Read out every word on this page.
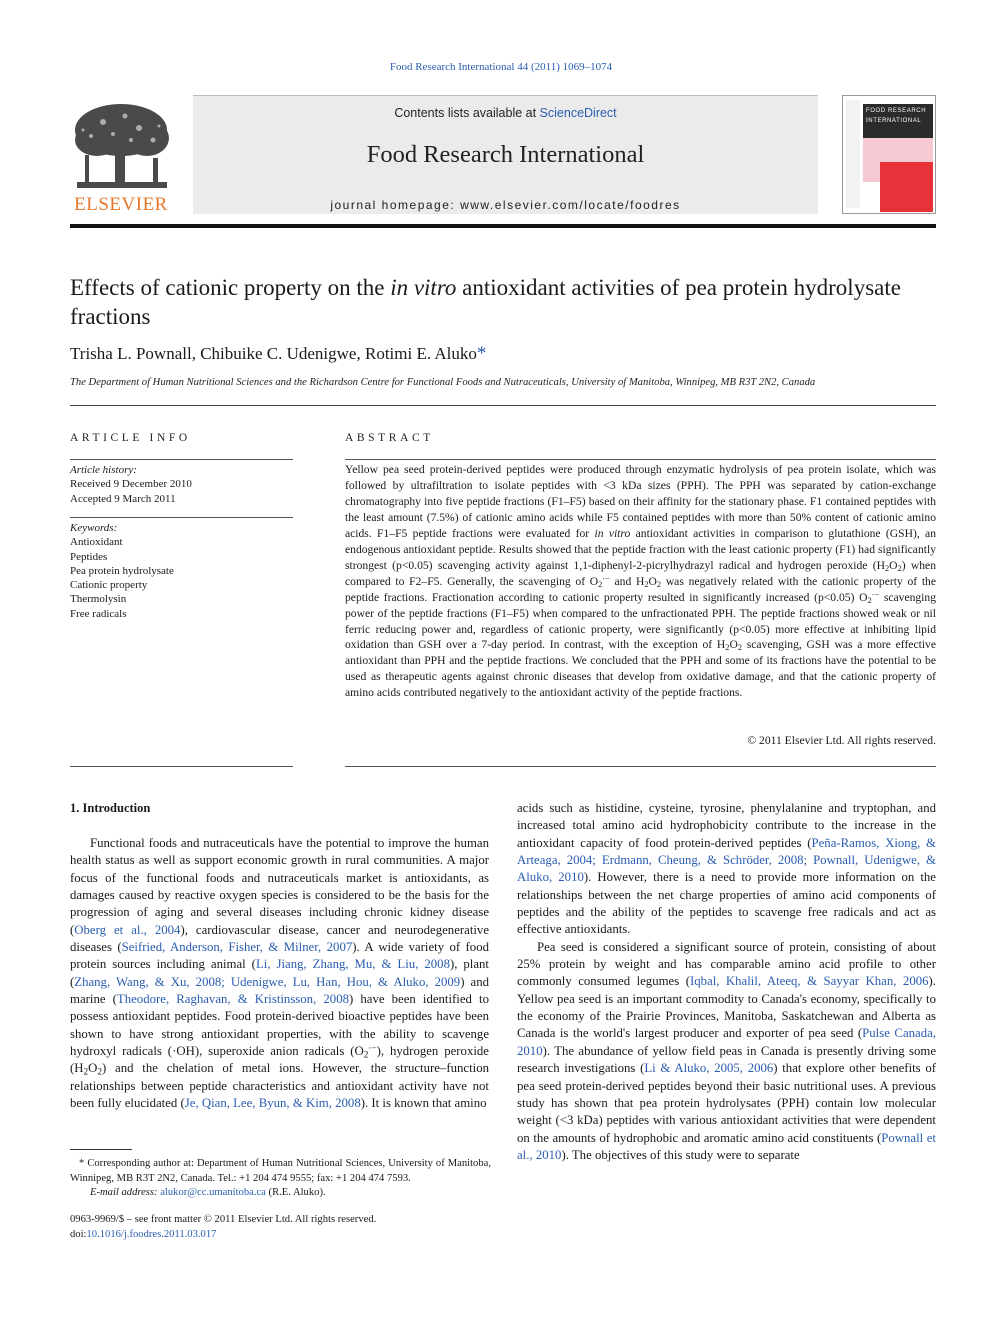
Food Research International 44 (2011) 1069–1074
Contents lists available at ScienceDirect
Food Research International
journal homepage: www.elsevier.com/locate/foodres
ELSEVIER
FOOD RESEARCH
INTERNATIONAL
Effects of cationic property on the in vitro antioxidant activities of pea protein hydrolysate fractions
Trisha L. Pownall, Chibuike C. Udenigwe, Rotimi E. Aluko*
The Department of Human Nutritional Sciences and the Richardson Centre for Functional Foods and Nutraceuticals, University of Manitoba, Winnipeg, MB R3T 2N2, Canada
ARTICLE INFO
Article history:
Received 9 December 2010
Accepted 9 March 2011
Keywords:
Antioxidant
Peptides
Pea protein hydrolysate
Cationic property
Thermolysin
Free radicals
ABSTRACT
Yellow pea seed protein-derived peptides were produced through enzymatic hydrolysis of pea protein isolate, which was followed by ultrafiltration to isolate peptides with <3 kDa sizes (PPH). The PPH was separated by cation-exchange chromatography into five peptide fractions (F1–F5) based on their affinity for the stationary phase. F1 contained peptides with the least amount (7.5%) of cationic amino acids while F5 contained peptides with more than 50% content of cationic amino acids. F1–F5 peptide fractions were evaluated for in vitro antioxidant activities in comparison to glutathione (GSH), an endogenous antioxidant peptide. Results showed that the peptide fraction with the least cationic property (F1) had significantly strongest (p<0.05) scavenging activity against 1,1-diphenyl-2-picrylhydrazyl radical and hydrogen peroxide $(H_2O_2)$ when compared to F2–F5. Generally, the scavenging of $O_2^{\cdot-}$ and $H_2O_2$ was negatively related with the cationic property of the peptide fractions. Fractionation according to cationic property resulted in significantly increased (p<0.05) $O_2^{\cdot-}$ scavenging power of the peptide fractions (F1–F5) when compared to the unfractionated PPH. The peptide fractions showed weak or nil ferric reducing power and, regardless of cationic property, were significantly (p<0.05) more effective at inhibiting lipid oxidation than GSH over a 7-day period. In contrast, with the exception of $H_2O_2$ scavenging, GSH was a more effective antioxidant than PPH and the peptide fractions. We concluded that the PPH and some of its fractions have the potential to be used as therapeutic agents against chronic diseases that develop from oxidative damage, and that the cationic property of amino acids contributed negatively to the antioxidant activity of the peptide fractions.
© 2011 Elsevier Ltd. All rights reserved.
1. Introduction

Functional foods and nutraceuticals have the potential to improve the human health status as well as support economic growth in rural communities. A major focus of the functional foods and nutraceuticals market is antioxidants, as damages caused by reactive oxygen species is considered to be the basis for the progression of aging and several diseases including chronic kidney disease (Oberg et al., 2004), cardiovascular disease, cancer and neurodegenerative diseases (Seifried, Anderson, Fisher, & Milner, 2007). A wide variety of food protein sources including animal (Li, Jiang, Zhang, Mu, & Liu, 2008), plant (Zhang, Wang, & Xu, 2008; Udenigwe, Lu, Han, Hou, & Aluko, 2009) and marine (Theodore, Raghavan, & Kristinsson, 2008) have been identified to possess antioxidant peptides. Food protein-derived bioactive peptides have been shown to have strong antioxidant properties, with the ability to scavenge hydroxyl radicals (·OH), superoxide anion radicals $(O_2^{\cdot-})$, hydrogen peroxide $(H_2O_2)$ and the chelation of metal ions. However, the structure–function relationships between peptide characteristics and antioxidant activity have not been fully elucidated (Je, Qian, Lee, Byun, & Kim, 2008). It is known that amino

acids such as histidine, cysteine, tyrosine, phenylalanine and tryptophan, and increased total amino acid hydrophobicity contribute to the increase in the antioxidant capacity of food protein-derived peptides (Peña-Ramos, Xiong, & Arteaga, 2004; Erdmann, Cheung, & Schröder, 2008; Pownall, Udenigwe, & Aluko, 2010). However, there is a need to provide more information on the relationships between the net charge properties of amino acid components of peptides and the ability of the peptides to scavenge free radicals and act as effective antioxidants.

Pea seed is considered a significant source of protein, consisting of about 25% protein by weight and has comparable amino acid profile to other commonly consumed legumes (Iqbal, Khalil, Ateeq, & Sayyar Khan, 2006). Yellow pea seed is an important commodity to Canada's economy, specifically to the economy of the Prairie Provinces, Manitoba, Saskatchewan and Alberta as Canada is the world's largest producer and exporter of pea seed (Pulse Canada, 2010). The abundance of yellow field peas in Canada is presently driving some research investigations (Li & Aluko, 2005, 2006) that explore other benefits of pea seed protein-derived peptides beyond their basic nutritional uses. A previous study has shown that pea protein hydrolysates (PPH) contain low molecular weight (<3 kDa) peptides with various antioxidant activities that were dependent on the amounts of hydrophobic and aromatic amino acid constituents (Pownall et al., 2010). The objectives of this study were to separate

* Corresponding author at: Department of Human Nutritional Sciences, University of Manitoba, Winnipeg, MB R3T 2N2, Canada. Tel.: +1 204 474 9555; fax: +1 204 474 7593.
E-mail address: alukor@cc.umanitoba.ca (R.E. Aluko).
0963-9969/$ – see front matter © 2011 Elsevier Ltd. All rights reserved.
doi:10.1016/j.foodres.2011.03.017
